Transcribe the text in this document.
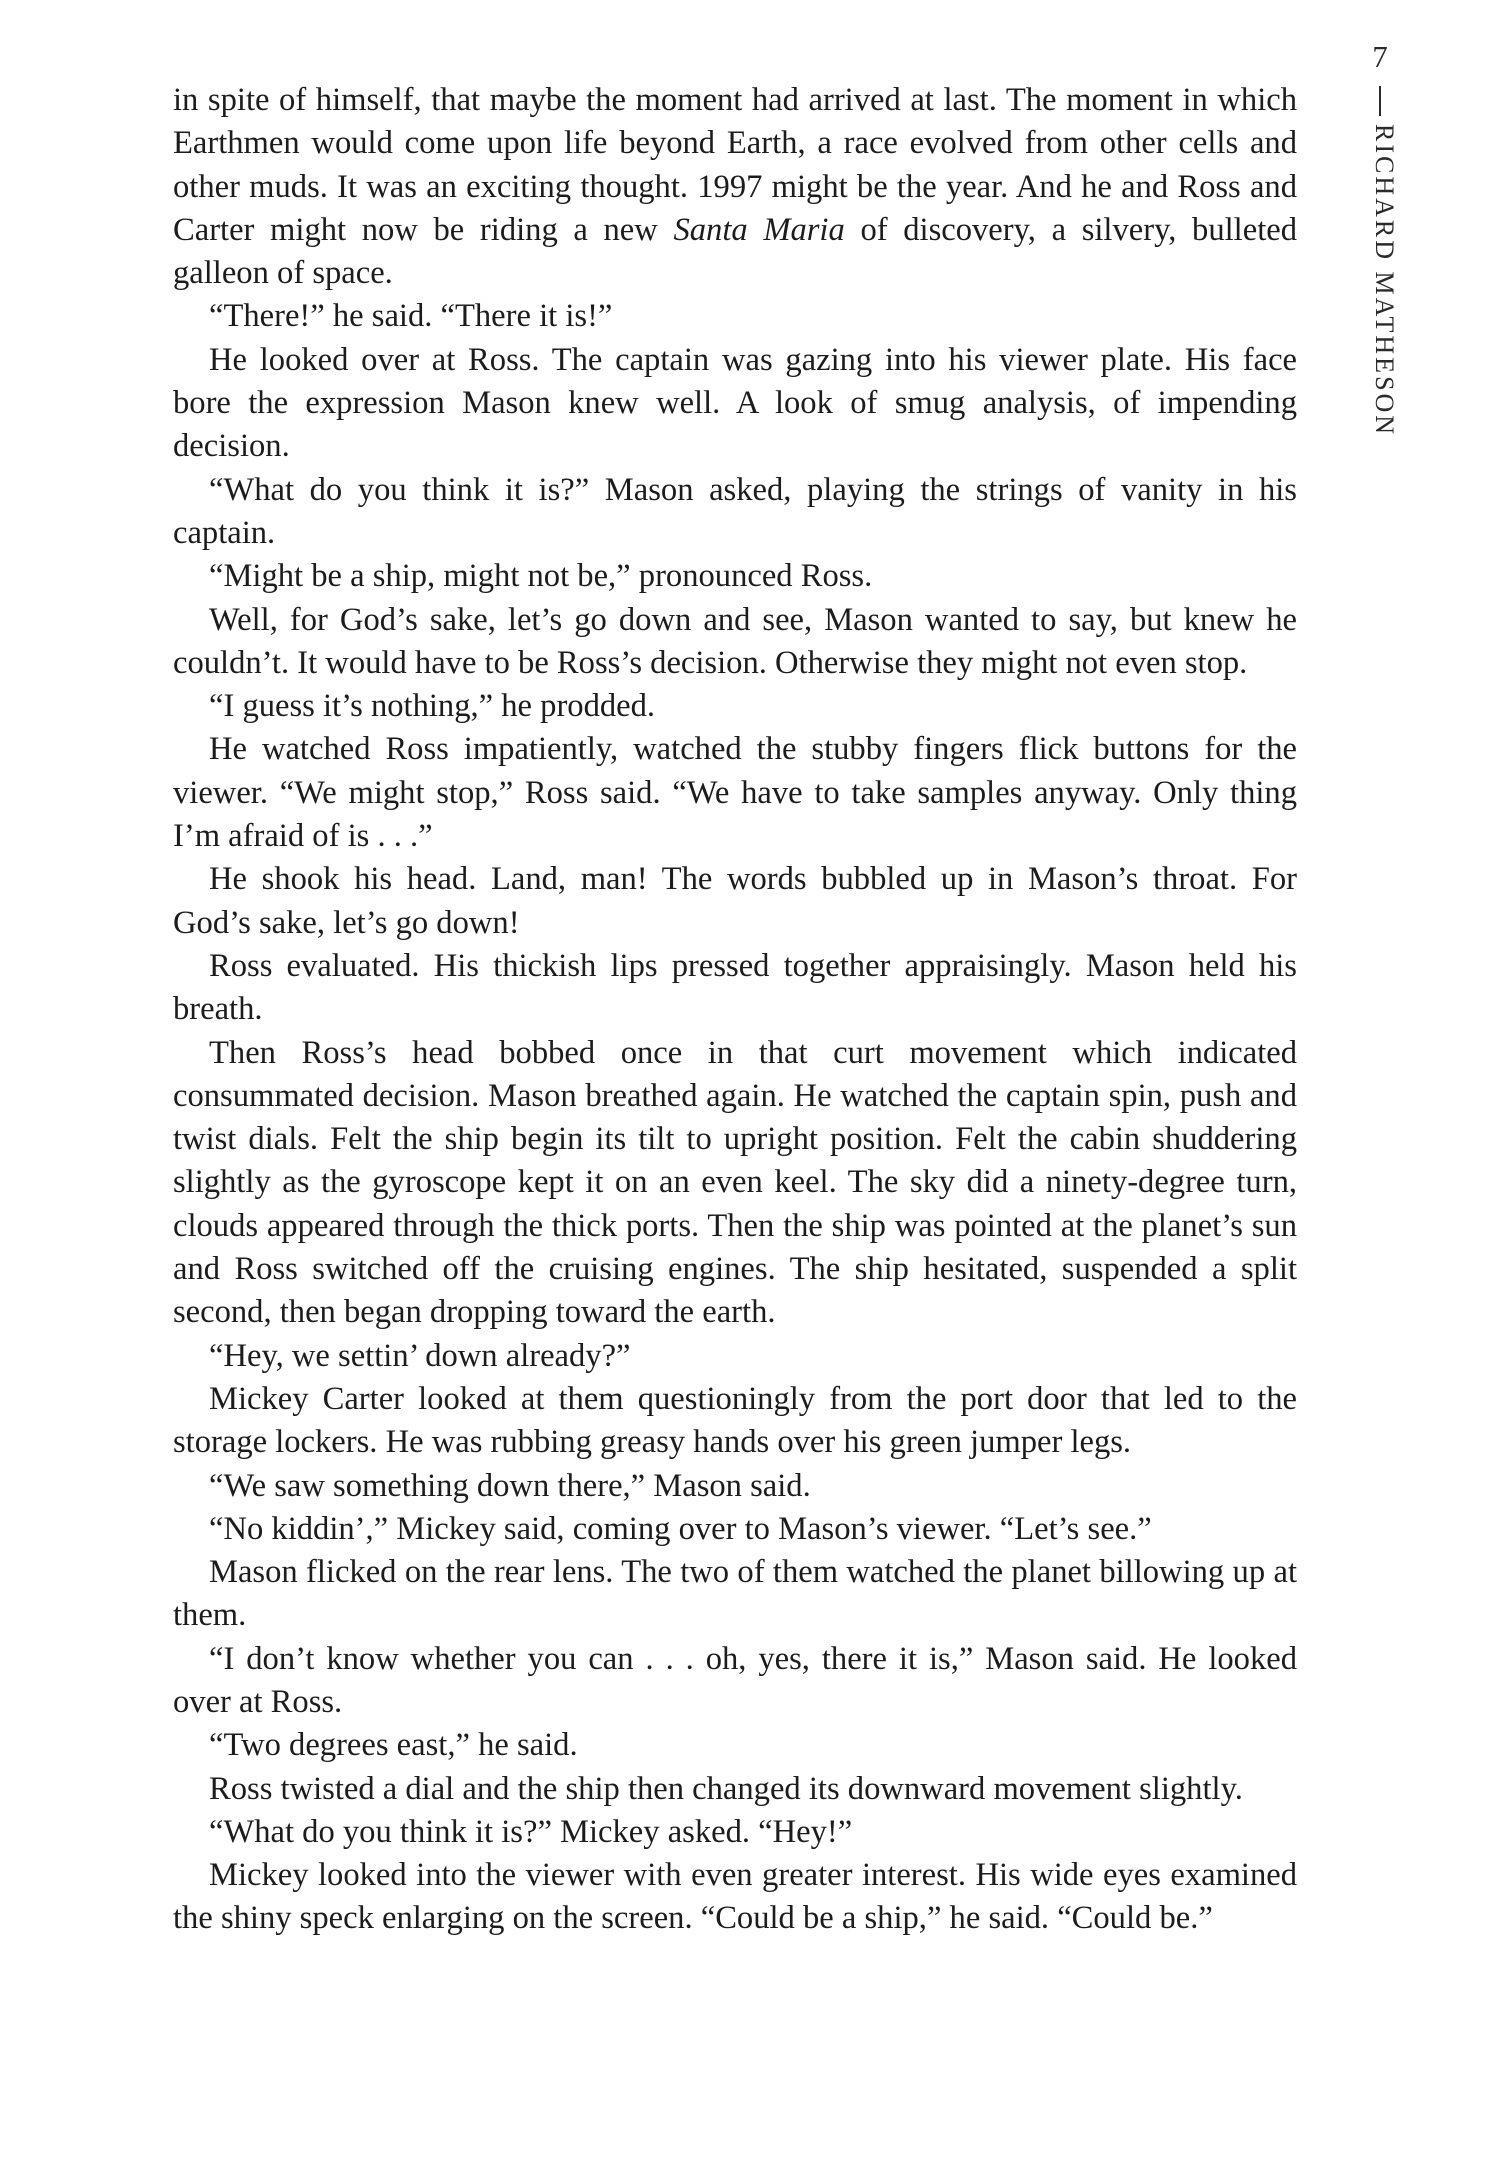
7
RICHARD MATHESON

in spite of himself, that maybe the moment had arrived at last. The moment in which Earthmen would come upon life beyond Earth, a race evolved from other cells and other muds. It was an exciting thought. 1997 might be the year. And he and Ross and Carter might now be riding a new Santa Maria of discovery, a silvery, bulleted galleon of space.

“There!” he said. “There it is!”

He looked over at Ross. The captain was gazing into his viewer plate. His face bore the expression Mason knew well. A look of smug analysis, of impending decision.

“What do you think it is?” Mason asked, playing the strings of vanity in his captain.

“Might be a ship, might not be,” pronounced Ross.

Well, for God’s sake, let’s go down and see, Mason wanted to say, but knew he couldn’t. It would have to be Ross’s decision. Otherwise they might not even stop.

“I guess it’s nothing,” he prodded.

He watched Ross impatiently, watched the stubby fingers flick buttons for the viewer. “We might stop,” Ross said. “We have to take samples anyway. Only thing I’m afraid of is . . .”

He shook his head. Land, man! The words bubbled up in Mason’s throat. For God’s sake, let’s go down!

Ross evaluated. His thickish lips pressed together appraisingly. Mason held his breath.

Then Ross’s head bobbed once in that curt movement which indicated consummated decision. Mason breathed again. He watched the captain spin, push and twist dials. Felt the ship begin its tilt to upright position. Felt the cabin shuddering slightly as the gyroscope kept it on an even keel. The sky did a ninety-degree turn, clouds appeared through the thick ports. Then the ship was pointed at the planet’s sun and Ross switched off the cruising engines. The ship hesitated, suspended a split second, then began dropping toward the earth.

“Hey, we settin’ down already?”

Mickey Carter looked at them questioningly from the port door that led to the storage lockers. He was rubbing greasy hands over his green jumper legs.

“We saw something down there,” Mason said.

“No kiddin’,” Mickey said, coming over to Mason’s viewer. “Let’s see.”

Mason flicked on the rear lens. The two of them watched the planet billowing up at them.

“I don’t know whether you can . . . oh, yes, there it is,” Mason said. He looked over at Ross.

“Two degrees east,” he said.

Ross twisted a dial and the ship then changed its downward movement slightly.

“What do you think it is?” Mickey asked. “Hey!”

Mickey looked into the viewer with even greater interest. His wide eyes examined the shiny speck enlarging on the screen. “Could be a ship,” he said. “Could be.”
